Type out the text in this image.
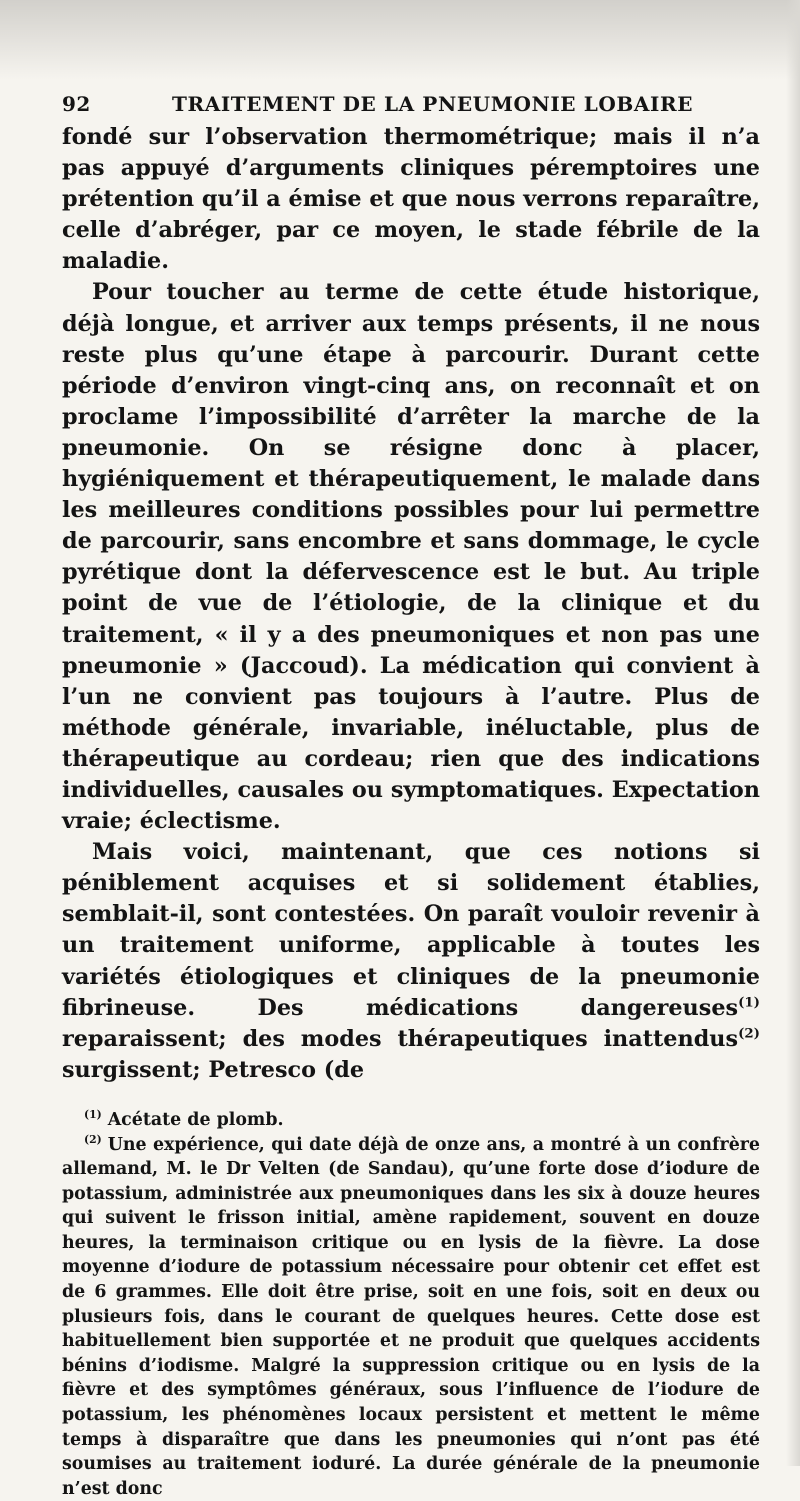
92	TRAITEMENT DE LA PNEUMONIE LOBAIRE

fondé sur l’observation thermométrique; mais il n’a pas appuyé d’arguments cliniques péremptoires une prétention qu’il a émise et que nous verrons reparaître, celle d’abréger, par ce moyen, le stade fébrile de la maladie.

Pour toucher au terme de cette étude historique, déjà longue, et arriver aux temps présents, il ne nous reste plus qu’une étape à parcourir. Durant cette période d’environ vingt-cinq ans, on reconnaît et on proclame l’impossibilité d’arrêter la marche de la pneumonie. On se résigne donc à placer, hygiéniquement et thérapeutiquement, le malade dans les meilleures conditions possibles pour lui permettre de parcourir, sans encombre et sans dommage, le cycle pyrétique dont la défervescence est le but. Au triple point de vue de l’étiologie, de la clinique et du traitement, « il y a des pneumoniques et non pas une pneumonie » (Jaccoud). La médication qui convient à l’un ne convient pas toujours à l’autre. Plus de méthode générale, invariable, inéluctable, plus de thérapeutique au cordeau; rien que des indications individuelles, causales ou symptomatiques. Expectation vraie; éclectisme.

Mais voici, maintenant, que ces notions si péniblement acquises et si solidement établies, semblait-il, sont contestées. On paraît vouloir revenir à un traitement uniforme, applicable à toutes les variétés étiologiques et cliniques de la pneumonie fibrineuse. Des médications dangereuses$^{(1)}$ reparaissent; des modes thérapeutiques inattendus$^{(2)}$ surgissent; Petresco (de

$^{(1)}$ Acétate de plomb.

$^{(2)}$ Une expérience, qui date déjà de onze ans, a montré à un confrère allemand, M. le Dr Velten (de Sandau), qu’une forte dose d’iodure de potassium, administrée aux pneumoniques dans les six à douze heures qui suivent le frisson initial, amène rapidement, souvent en douze heures, la terminaison critique ou en lysis de la fièvre. La dose moyenne d’iodure de potassium nécessaire pour obtenir cet effet est de 6 grammes. Elle doit être prise, soit en une fois, soit en deux ou plusieurs fois, dans le courant de quelques heures. Cette dose est habituellement bien supportée et ne produit que quelques accidents bénins d’iodisme. Malgré la suppression critique ou en lysis de la fièvre et des symptômes généraux, sous l’influence de l’iodure de potassium, les phénomènes locaux persistent et mettent le même temps à disparaître que dans les pneumonies qui n’ont pas été soumises au traitement ioduré. La durée générale de la pneumonie n’est donc
